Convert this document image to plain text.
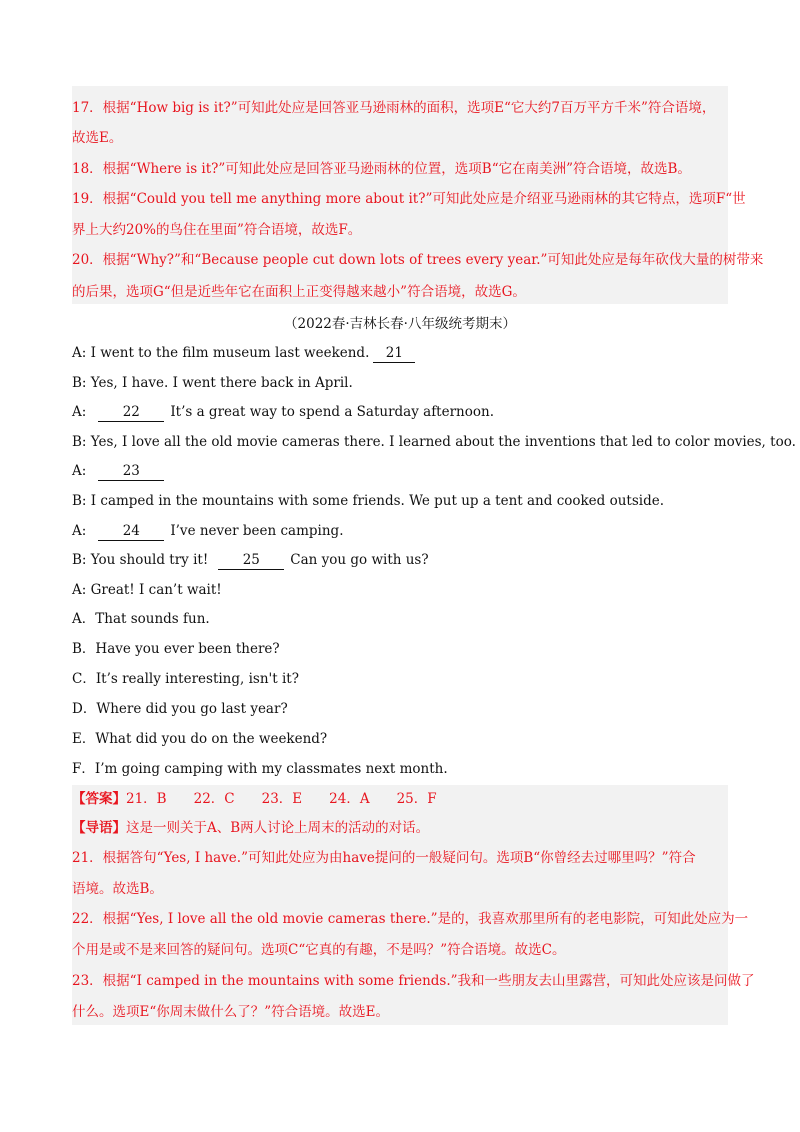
17．根据“How big is it?”可知此处应是回答亚马逊雨林的面积，选项E“它大约7百万平方千米”符合语境，
故选E。
18．根据“Where is it?”可知此处应是回答亚马逊雨林的位置，选项B“它在南美洲”符合语境，故选B。
19．根据“Could you tell me anything more about it?”可知此处应是介绍亚马逊雨林的其它特点，选项F“世
界上大约20%的鸟住在里面”符合语境，故选F。
20．根据“Why?”和“Because people cut down lots of trees every year.”可知此处应是每年砍伐大量的树带来
的后果，选项G“但是近些年它在面积上正变得越来越小”符合语境，故选G。
（2022春·吉林长春·八年级统考期末）
A: I went to the film museum last weekend. 21
B: Yes, I have. I went there back in April.
A:	22 It’s a great way to spend a Saturday afternoon.
B: Yes, I love all the old movie cameras there. I learned about the inventions that led to color movies, too.
A:	23
B: I camped in the mountains with some friends. We put up a tent and cooked outside.
A:	24 I’ve never been camping.
B: You should try it!	25 Can you go with us?
A: Great! I can’t wait!
A．That sounds fun.
B．Have you ever been there?
C．It’s really interesting, isn't it?
D．Where did you go last year?
E．What did you do on the weekend?
F．I’m going camping with my classmates next month.
【答案】21．B　　22．C　　23．E　　24．A　　25．F
【导语】这是一则关于A、B两人讨论上周末的活动的对话。
21．根据答句“Yes, I have.”可知此处应为由have提问的一般疑问句。选项B“你曾经去过哪里吗？”符合
语境。故选B。
22．根据“Yes, I love all the old movie cameras there.”是的，我喜欢那里所有的老电影院，可知此处应为一
个用是或不是来回答的疑问句。选项C“它真的有趣，不是吗？”符合语境。故选C。
23．根据“I camped in the mountains with some friends.”我和一些朋友去山里露营，可知此处应该是问做了
什么。选项E“你周末做什么了？”符合语境。故选E。
